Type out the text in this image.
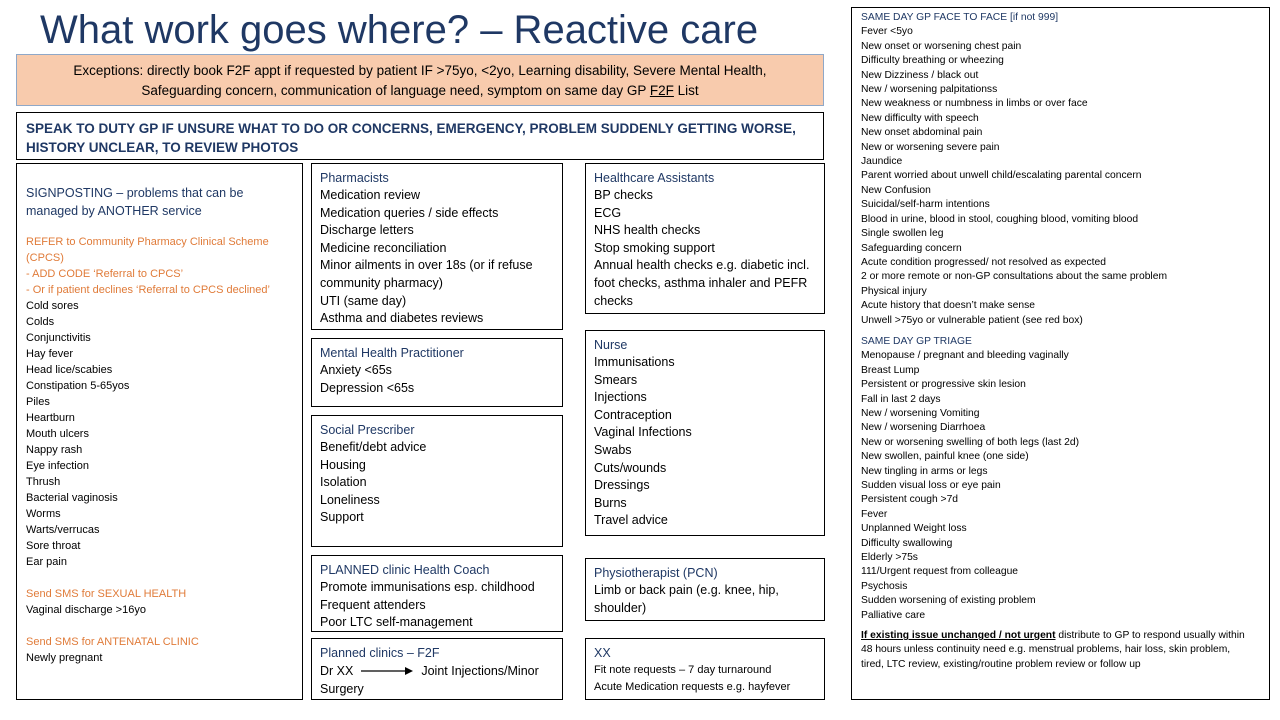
What work goes where? – Reactive care
Exceptions: directly book F2F appt if requested by patient IF >75yo, <2yo, Learning disability, Severe Mental Health,
Safeguarding concern, communication of language need, symptom on same day GP F2F List
SPEAK TO DUTY GP IF UNSURE WHAT TO DO OR CONCERNS, EMERGENCY, PROBLEM SUDDENLY GETTING WORSE,
HISTORY UNCLEAR, TO REVIEW PHOTOS
SIGNPOSTING – problems that can be managed by ANOTHER service
REFER to Community Pharmacy Clinical Scheme (CPCS)
- ADD CODE ‘Referral to CPCS’
- Or if patient declines ‘Referral to CPCS declined’
Cold sores
Colds
Conjunctivitis
Hay fever
Head lice/scabies
Constipation 5-65yos
Piles
Heartburn
Mouth ulcers
Nappy rash
Eye infection
Thrush
Bacterial vaginosis
Worms
Warts/verrucas
Sore throat
Ear pain
Send SMS for SEXUAL HEALTH
Vaginal discharge >16yo
Send SMS for ANTENATAL CLINIC
Newly pregnant
Pharmacists
Medication review
Medication queries / side effects
Discharge letters
Medicine reconciliation
Minor ailments in over 18s (or if refuse community pharmacy)
UTI (same day)
Asthma and diabetes reviews
Mental Health Practitioner
Anxiety <65s
Depression <65s
Social Prescriber
Benefit/debt advice
Housing
Isolation
Loneliness
Support
PLANNED clinic Health Coach
Promote immunisations esp. childhood
Frequent attenders
Poor LTC self-management
Planned clinics – F2F
Dr XX	Joint Injections/Minor
Surgery
Healthcare Assistants
BP checks
ECG
NHS health checks
Stop smoking support
Annual health checks e.g. diabetic incl. foot checks, asthma inhaler and PEFR checks
Nurse
Immunisations
Smears
Injections
Contraception
Vaginal Infections
Swabs
Cuts/wounds
Dressings
Burns
Travel advice
Physiotherapist (PCN)
Limb or back pain (e.g. knee, hip, shoulder)
XX
Fit note requests – 7 day turnaround
Acute Medication requests e.g. hayfever
SAME DAY GP FACE TO FACE [if not 999]
Fever <5yo
New onset or worsening chest pain
Difficulty breathing or wheezing
New Dizziness / black out
New / worsening palpitationss
New weakness or numbness in limbs or over face
New difficulty with speech
New onset abdominal pain
New or worsening severe pain
Jaundice
Parent worried about unwell child/escalating parental concern
New Confusion
Suicidal/self-harm intentions
Blood in urine, blood in stool, coughing blood, vomiting blood
Single swollen leg
Safeguarding concern
Acute condition progressed/ not resolved as expected
2 or more remote or non-GP consultations about the same problem
Physical injury
Acute history that doesn’t make sense
Unwell >75yo or vulnerable patient (see red box)
SAME DAY GP TRIAGE
Menopause / pregnant and bleeding vaginally
Breast Lump
Persistent or progressive skin lesion
Fall in last 2 days
New / worsening Vomiting
New / worsening Diarrhoea
New or worsening swelling of both legs (last 2d)
New swollen, painful knee (one side)
New tingling in arms or legs
Sudden visual loss or eye pain
Persistent cough >7d
Fever
Unplanned Weight loss
Difficulty swallowing
Elderly >75s
111/Urgent request from colleague
Psychosis
Sudden worsening of existing problem
Palliative care
If existing issue unchanged / not urgent distribute to GP to respond usually within 48 hours unless continuity need e.g. menstrual problems, hair loss, skin problem, tired, LTC review, existing/routine problem review or follow up
